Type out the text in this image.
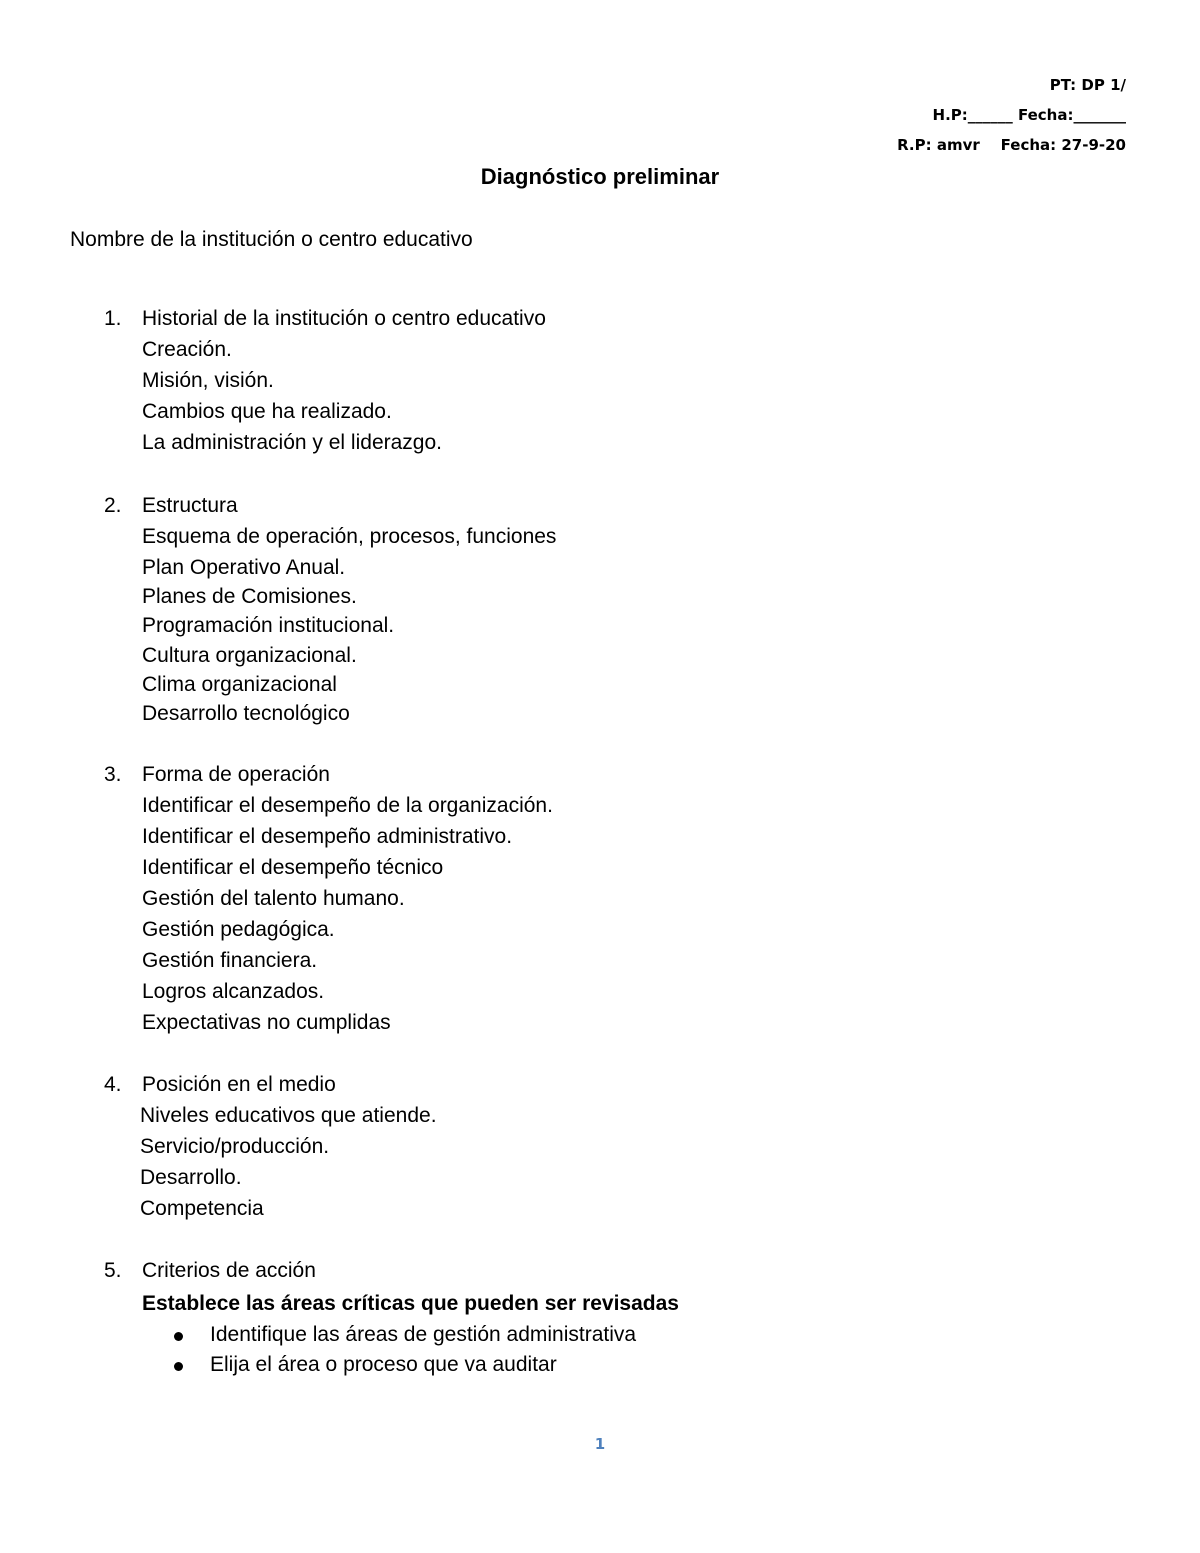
PT: DP 1/
H.P:______ Fecha:_______
R.P: amvr    Fecha: 27-9-20
Diagnóstico preliminar
Nombre de la institución o centro educativo
1. Historial de la institución o centro educativo
Creación.
Misión, visión.
Cambios que ha realizado.
La administración y el liderazgo.
2. Estructura
Esquema de operación, procesos, funciones
Plan Operativo Anual.
Planes de Comisiones.
Programación institucional.
Cultura organizacional.
Clima organizacional
Desarrollo tecnológico
3. Forma de operación
Identificar el desempeño de la organización.
Identificar el desempeño administrativo.
Identificar el desempeño técnico
Gestión del talento humano.
Gestión pedagógica.
Gestión financiera.
Logros alcanzados.
Expectativas no cumplidas
4. Posición en el medio
Niveles educativos que atiende.
Servicio/producción.
Desarrollo.
Competencia
5. Criterios de acción
Establece las áreas críticas que pueden ser revisadas
Identifique las áreas de gestión administrativa
Elija el área o proceso que va auditar
1
